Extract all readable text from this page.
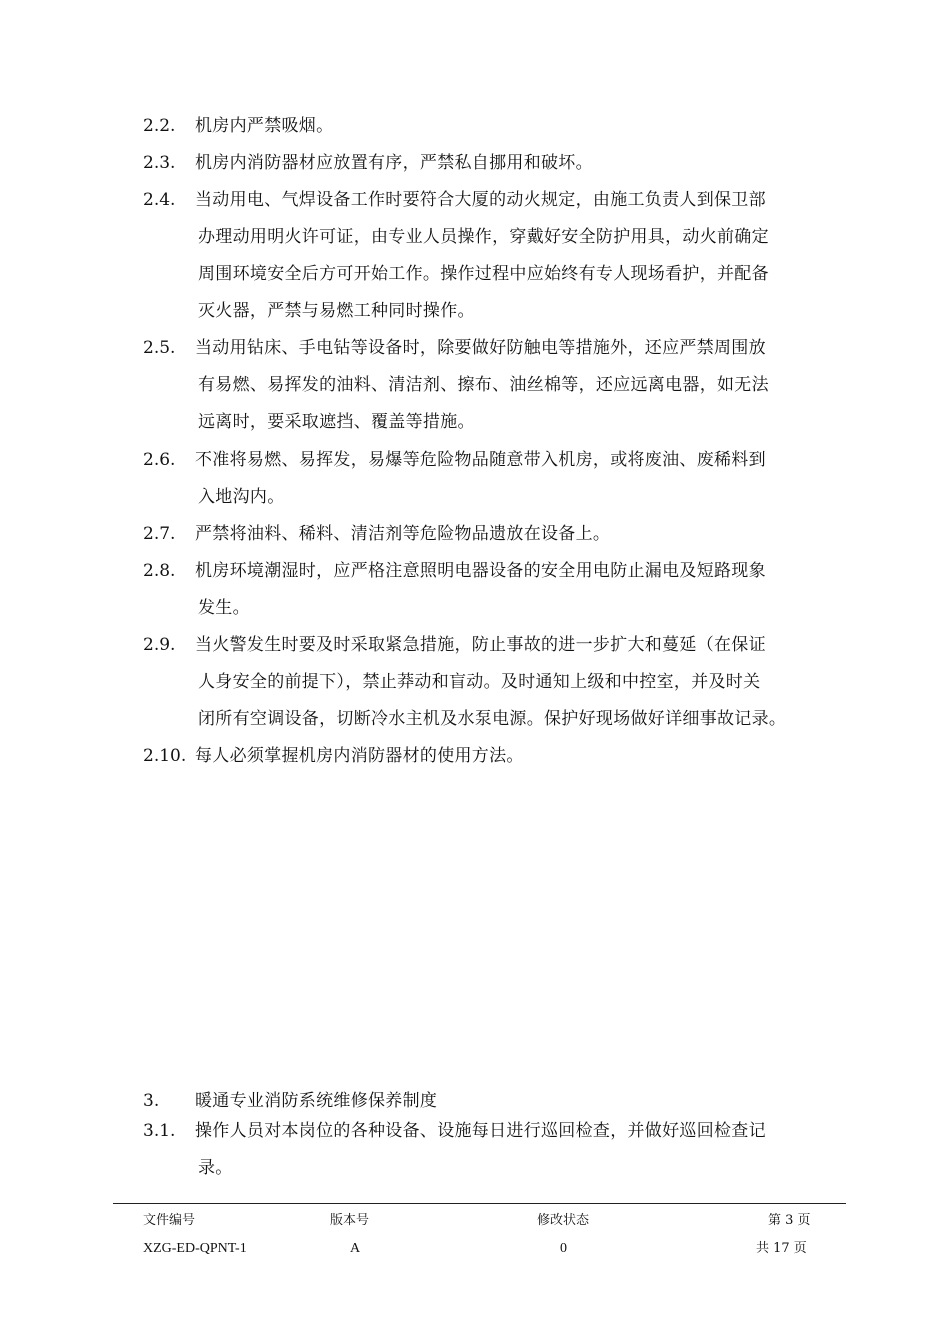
2.2. 机房内严禁吸烟。
2.3. 机房内消防器材应放置有序，严禁私自挪用和破坏。
2.4. 当动用电、气焊设备工作时要符合大厦的动火规定，由施工负责人到保卫部
办理动用明火许可证，由专业人员操作，穿戴好安全防护用具，动火前确定
周围环境安全后方可开始工作。操作过程中应始终有专人现场看护，并配备
灭火器，严禁与易燃工种同时操作。
2.5. 当动用钻床、手电钻等设备时，除要做好防触电等措施外，还应严禁周围放
有易燃、易挥发的油料、清洁剂、擦布、油丝棉等，还应远离电器，如无法
远离时，要采取遮挡、覆盖等措施。
2.6. 不准将易燃、易挥发，易爆等危险物品随意带入机房，或将废油、废稀料到
入地沟内。
2.7. 严禁将油料、稀料、清洁剂等危险物品遗放在设备上。
2.8. 机房环境潮湿时，应严格注意照明电器设备的安全用电防止漏电及短路现象
发生。
2.9. 当火警发生时要及时采取紧急措施，防止事故的进一步扩大和蔓延（在保证
人身安全的前提下），禁止莽动和盲动。及时通知上级和中控室，并及时关
闭所有空调设备，切断冷水主机及水泵电源。保护好现场做好详细事故记录。
2.10. 每人必须掌握机房内消防器材的使用方法。
3. 暖通专业消防系统维修保养制度
3.1. 操作人员对本岗位的各种设备、设施每日进行巡回检查，并做好巡回检查记
录。
文件编号	版本号	修改状态	第 3 页
XZG-ED-QPNT-1	A	0	共 17 页
